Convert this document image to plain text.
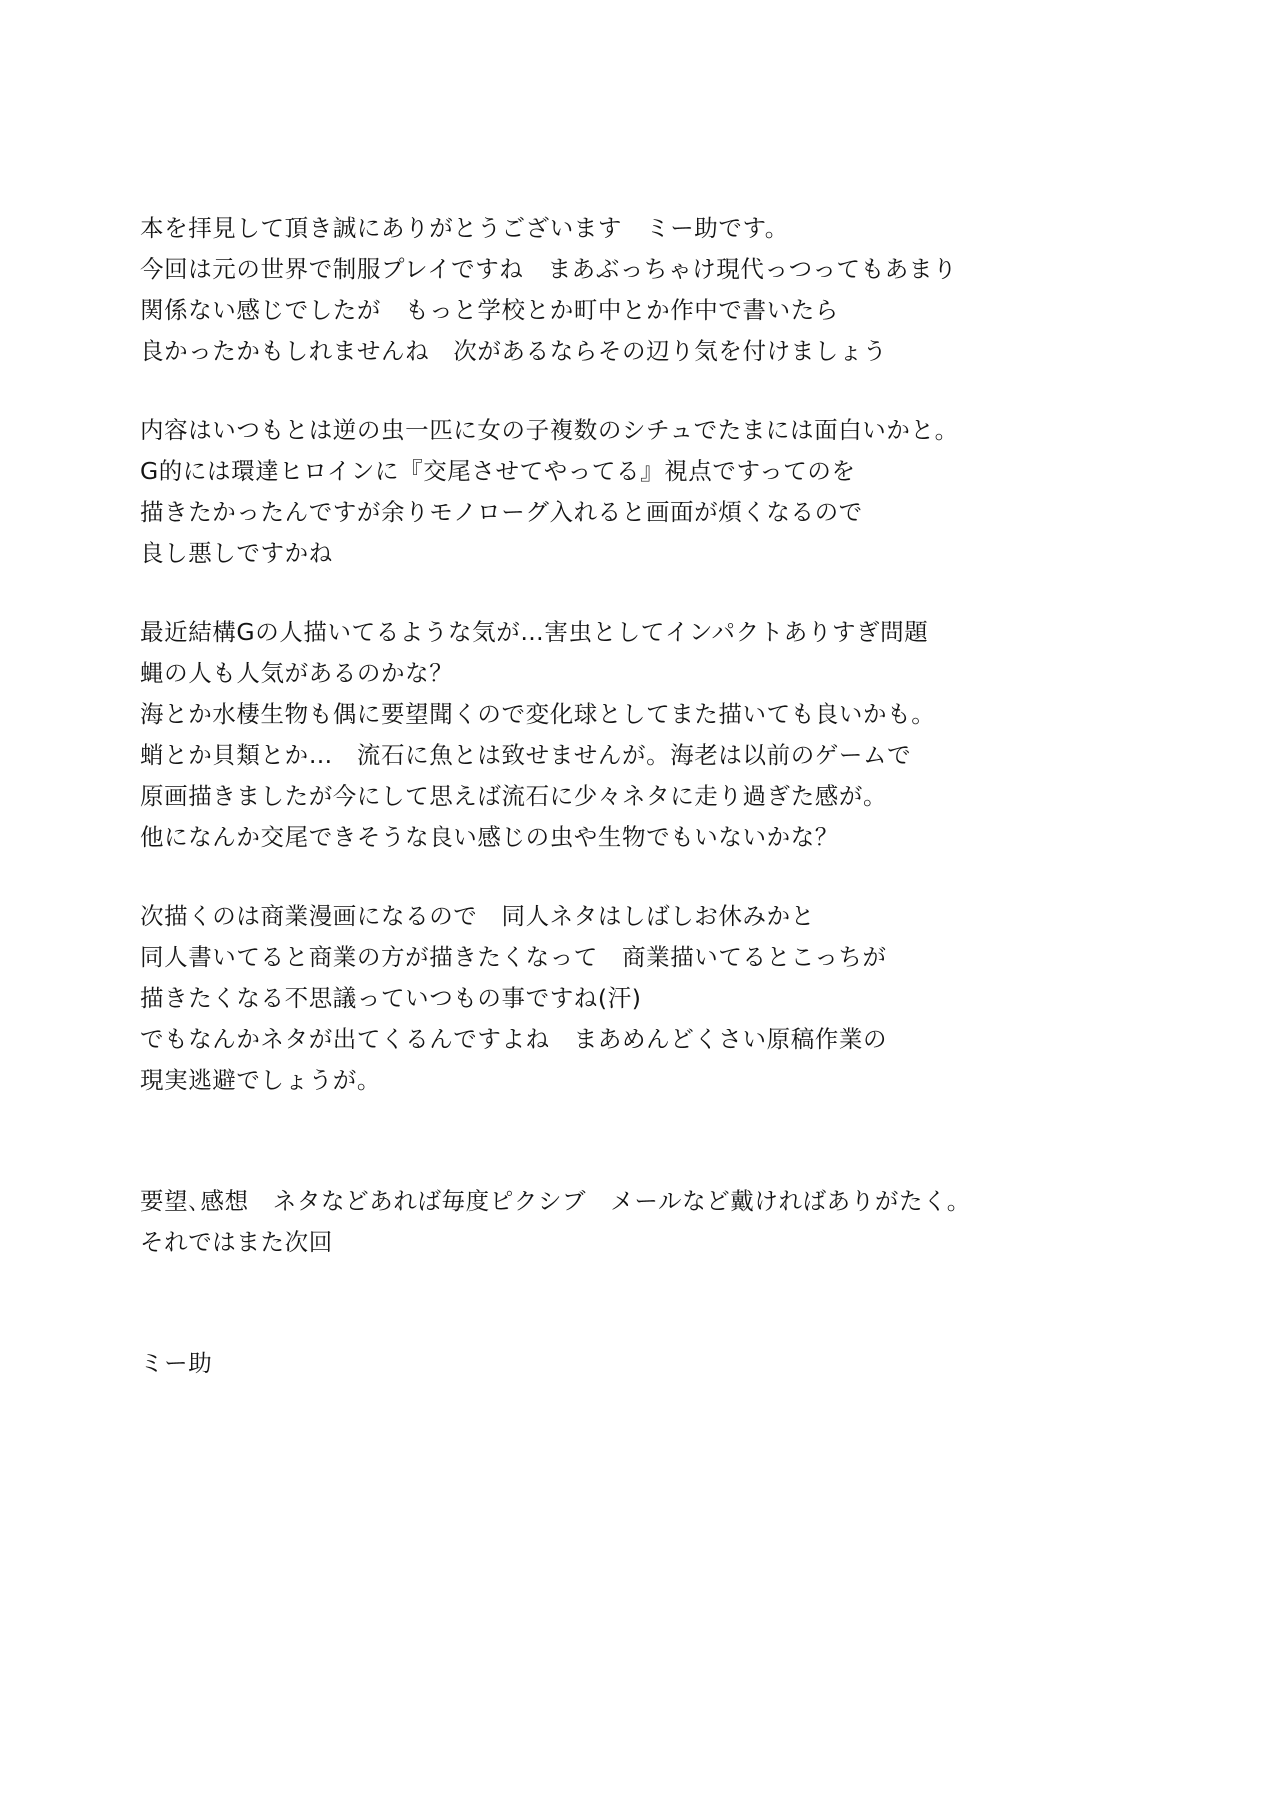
本を拝見して頂き誠にありがとうございます　ミー助です。
今回は元の世界で制服プレイですね　まあぶっちゃけ現代っつってもあまり
関係ない感じでしたが　もっと学校とか町中とか作中で書いたら
良かったかもしれませんね　次があるならその辺り気を付けましょう
内容はいつもとは逆の虫一匹に女の子複数のシチュでたまには面白いかと。
G的には環達ヒロインに『交尾させてやってる』視点ですってのを
描きたかったんですが余りモノローグ入れると画面が煩くなるので
良し悪しですかね
最近結構Gの人描いてるような気が…害虫としてインパクトありすぎ問題
蝿の人も人気があるのかな？
海とか水棲生物も偶に要望聞くので変化球としてまた描いても良いかも。
蛸とか貝類とか…　流石に魚とは致せませんが。海老は以前のゲームで
原画描きましたが今にして思えば流石に少々ネタに走り過ぎた感が。
他になんか交尾できそうな良い感じの虫や生物でもいないかな？
次描くのは商業漫画になるので　同人ネタはしばしお休みかと
同人書いてると商業の方が描きたくなって　商業描いてるとこっちが
描きたくなる不思議っていつもの事ですね(汗)
でもなんかネタが出てくるんですよね　まあめんどくさい原稿作業の
現実逃避でしょうが。
要望､感想　ネタなどあれば毎度ピクシブ　メールなど戴ければありがたく。
それではまた次回
ミー助
